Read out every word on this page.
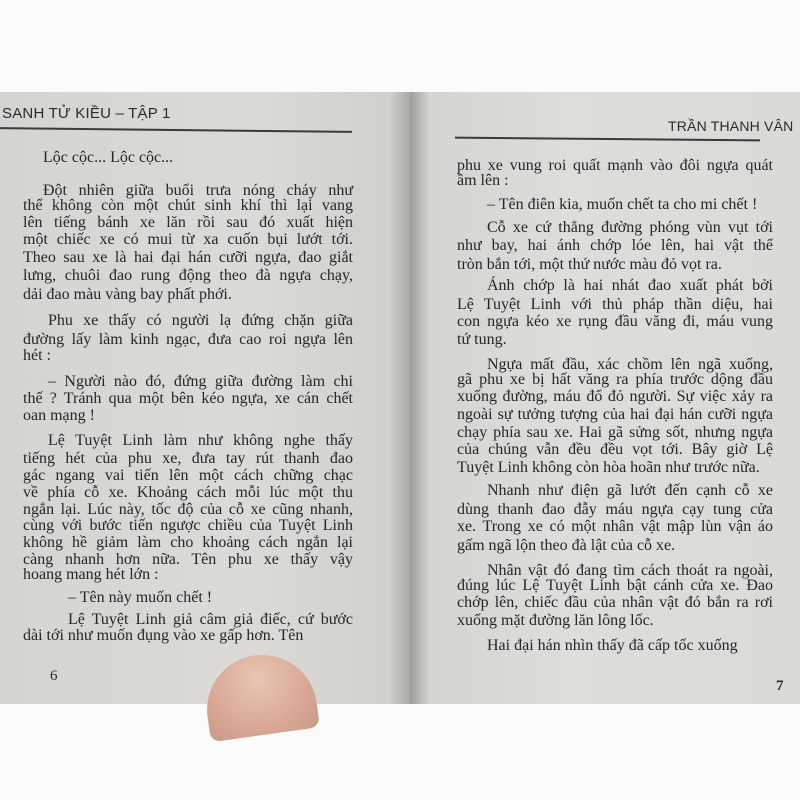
SANH TỬ KIỀU – TẬP 1
Lộc cộc... Lộc cộc...
Đột nhiên giữa buổi trưa nóng cháy như
thể không còn một chút sinh khí thì lại vang
lên tiếng bánh xe lăn rồi sau đó xuất hiện
một chiếc xe có mui từ xa cuốn bụi lướt tới.
Theo sau xe là hai đại hán cưỡi ngựa, đao giắt
lưng, chuôi đao rung động theo đà ngựa chạy,
dải đao màu vàng bay phất phới.
Phu xe thấy có người lạ đứng chặn giữa
đường lấy làm kinh ngạc, đưa cao roi ngựa lên
hét :
– Người nào đó, đứng giữa đường làm chi
thế ? Tránh qua một bên kéo ngựa, xe cán chết
oan mạng !
Lệ Tuyệt Linh làm như không nghe thấy
tiếng hét của phu xe, đưa tay rút thanh đao
gác ngang vai tiến lên một cách chững chạc
về phía cỗ xe. Khoảng cách mỗi lúc một thu
ngắn lại. Lúc này, tốc độ của cỗ xe cũng nhanh,
cùng với bước tiến ngược chiều của Tuyệt Linh
không hề giảm làm cho khoảng cách ngắn lại
càng nhanh hơn nữa. Tên phu xe thấy vậy
hoang mang hét lớn :
– Tên này muốn chết !
Lệ Tuyệt Linh giả câm giả điếc, cứ bước
dài tới như muốn đụng vào xe gấp hơn. Tên
6
TRẦN THANH VÂN
phu xe vung roi quất mạnh vào đôi ngựa quát
ầm lên :
– Tên điên kia, muốn chết ta cho mi chết !
Cỗ xe cứ thẳng đường phóng vùn vụt tới
như bay, hai ánh chớp lóe lên, hai vật thể
tròn bắn tới, một thứ nước màu đỏ vọt ra.
Ánh chớp là hai nhát đao xuất phát bởi
Lệ Tuyệt Linh với thủ pháp thần diệu, hai
con ngựa kéo xe rụng đầu văng đi, máu vung
tứ tung.
Ngựa mất đầu, xác chồm lên ngã xuống,
gã phu xe bị hất văng ra phía trước dộng đầu
xuống đường, máu đổ đỏ người. Sự việc xảy ra
ngoài sự tưởng tượng của hai đại hán cưỡi ngựa
chạy phía sau xe. Hai gã sửng sốt, nhưng ngựa
của chúng vẫn đều đều vọt tới. Bây giờ Lệ
Tuyệt Linh không còn hòa hoãn như trước nữa.
Nhanh như điện gã lướt đến cạnh cỗ xe
dùng thanh đao đẫy máu ngựa cạy tung cửa
xe. Trong xe có một nhân vật mập lùn vận áo
gấm ngã lộn theo đà lật của cỗ xe.
Nhân vật đó đang tìm cách thoát ra ngoài,
đúng lúc Lệ Tuyệt Linh bật cánh cửa xe. Đao
chớp lên, chiếc đầu của nhân vật đó bắn ra rơi
xuống mặt đường lăn lông lốc.
Hai đại hán nhìn thấy đã cấp tốc xuống
7
